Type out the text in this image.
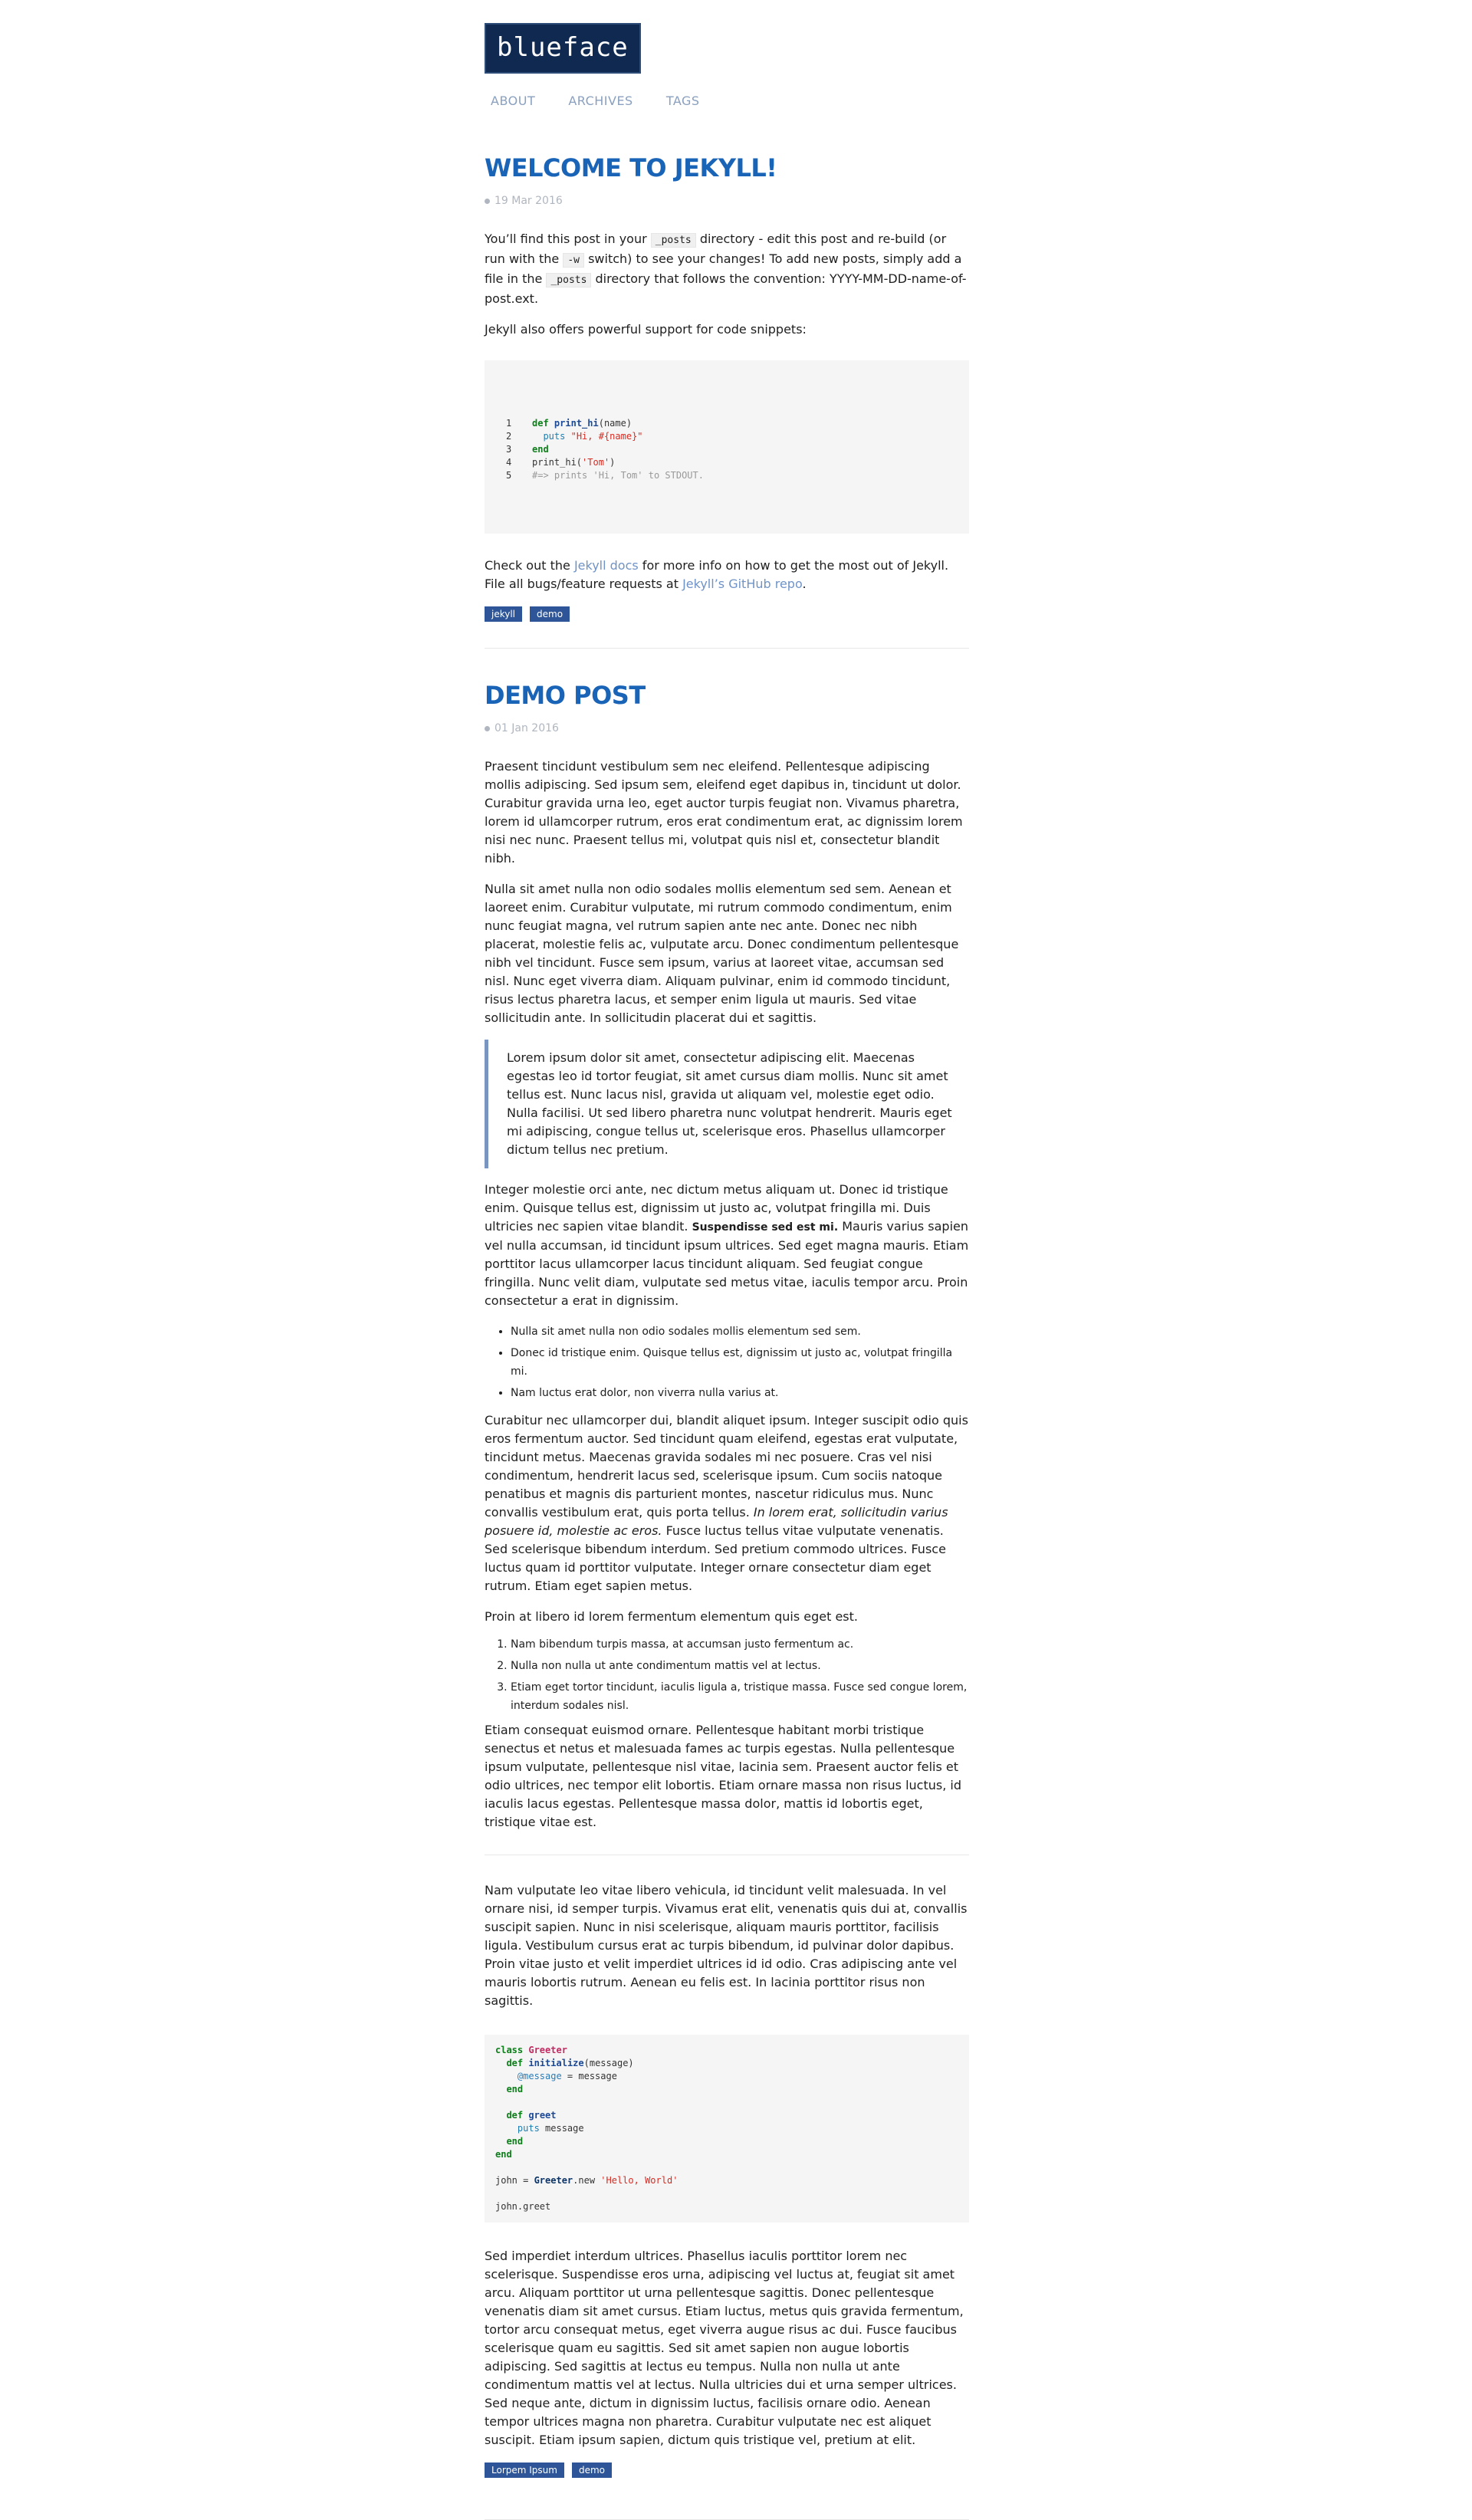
blueface
ABOUT	ARCHIVES	TAGS
WELCOME TO JEKYLL!
19 Mar 2016

You’ll find this post in your _posts directory - edit this post and re-build (or run with the -w switch) to see your changes! To add new posts, simply add a file in the _posts directory that follows the convention: YYYY-MM-DD-name-of-post.ext.

Jekyll also offers powerful support for code snippets:

1 def print_hi(name)
2	puts "Hi, #{name}"
3 end
4 print_hi('Tom')
5 #=> prints 'Hi, Tom' to STDOUT.

Check out the Jekyll docs for more info on how to get the most out of Jekyll. File all bugs/feature requests at Jekyll’s GitHub repo.

jekyll demo
DEMO POST
01 Jan 2016

Praesent tincidunt vestibulum sem nec eleifend. Pellentesque adipiscing mollis adipiscing. Sed ipsum sem, eleifend eget dapibus in, tincidunt ut dolor. Curabitur gravida urna leo, eget auctor turpis feugiat non. Vivamus pharetra, lorem id ullamcorper rutrum, eros erat condimentum erat, ac dignissim lorem nisi nec nunc. Praesent tellus mi, volutpat quis nisl et, consectetur blandit nibh.

Nulla sit amet nulla non odio sodales mollis elementum sed sem. Aenean et laoreet enim. Curabitur vulputate, mi rutrum commodo condimentum, enim nunc feugiat magna, vel rutrum sapien ante nec ante. Donec nec nibh placerat, molestie felis ac, vulputate arcu. Donec condimentum pellentesque nibh vel tincidunt. Fusce sem ipsum, varius at laoreet vitae, accumsan sed nisl. Nunc eget viverra diam. Aliquam pulvinar, enim id commodo tincidunt, risus lectus pharetra lacus, et semper enim ligula ut mauris. Sed vitae sollicitudin ante. In sollicitudin placerat dui et sagittis.

Lorem ipsum dolor sit amet, consectetur adipiscing elit. Maecenas egestas leo id tortor feugiat, sit amet cursus diam mollis. Nunc sit amet tellus est. Nunc lacus nisl, gravida ut aliquam vel, molestie eget odio. Nulla facilisi. Ut sed libero pharetra nunc volutpat hendrerit. Mauris eget mi adipiscing, congue tellus ut, scelerisque eros. Phasellus ullamcorper dictum tellus nec pretium.

Integer molestie orci ante, nec dictum metus aliquam ut. Donec id tristique enim. Quisque tellus est, dignissim ut justo ac, volutpat fringilla mi. Duis ultricies nec sapien vitae blandit. Suspendisse sed est mi. Mauris varius sapien vel nulla accumsan, id tincidunt ipsum ultrices. Sed eget magna mauris. Etiam porttitor lacus ullamcorper lacus tincidunt aliquam. Sed feugiat congue fringilla. Nunc velit diam, vulputate sed metus vitae, iaculis tempor arcu. Proin consectetur a erat in dignissim.

• Nulla sit amet nulla non odio sodales mollis elementum sed sem.
• Donec id tristique enim. Quisque tellus est, dignissim ut justo ac, volutpat fringilla mi.
• Nam luctus erat dolor, non viverra nulla varius at.

Curabitur nec ullamcorper dui, blandit aliquet ipsum. Integer suscipit odio quis eros fermentum auctor. Sed tincidunt quam eleifend, egestas erat vulputate, tincidunt metus. Maecenas gravida sodales mi nec posuere. Cras vel nisi condimentum, hendrerit lacus sed, scelerisque ipsum. Cum sociis natoque penatibus et magnis dis parturient montes, nascetur ridiculus mus. Nunc convallis vestibulum erat, quis porta tellus. In lorem erat, sollicitudin varius posuere id, molestie ac eros. Fusce luctus tellus vitae vulputate venenatis. Sed scelerisque bibendum interdum. Sed pretium commodo ultrices. Fusce luctus quam id porttitor vulputate. Integer ornare consectetur diam eget rutrum. Etiam eget sapien metus.

Proin at libero id lorem fermentum elementum quis eget est.

1. Nam bibendum turpis massa, at accumsan justo fermentum ac.
2. Nulla non nulla ut ante condimentum mattis vel at lectus.
3. Etiam eget tortor tincidunt, iaculis ligula a, tristique massa. Fusce sed congue lorem, interdum sodales nisl.

Etiam consequat euismod ornare. Pellentesque habitant morbi tristique senectus et netus et malesuada fames ac turpis egestas. Nulla pellentesque ipsum vulputate, pellentesque nisl vitae, lacinia sem. Praesent auctor felis et odio ultrices, nec tempor elit lobortis. Etiam ornare massa non risus luctus, id iaculis lacus egestas. Pellentesque massa dolor, mattis id lobortis eget, tristique vitae est.

Nam vulputate leo vitae libero vehicula, id tincidunt velit malesuada. In vel ornare nisi, id semper turpis. Vivamus erat elit, venenatis quis dui at, convallis suscipit sapien. Nunc in nisi scelerisque, aliquam mauris porttitor, facilisis ligula. Vestibulum cursus erat ac turpis bibendum, id pulvinar dolor dapibus. Proin vitae justo et velit imperdiet ultrices id id odio. Cras adipiscing ante vel mauris lobortis rutrum. Aenean eu felis est. In lacinia porttitor risus non sagittis.

class Greeter
def initialize(message)
@message = message
end

def greet
puts message
end
end

john = Greeter.new 'Hello, World'

john.greet

Sed imperdiet interdum ultrices. Phasellus iaculis porttitor lorem nec scelerisque. Suspendisse eros urna, adipiscing vel luctus at, feugiat sit amet arcu. Aliquam porttitor ut urna pellentesque sagittis. Donec pellentesque venenatis diam sit amet cursus. Etiam luctus, metus quis gravida fermentum, tortor arcu consequat metus, eget viverra augue risus ac dui. Fusce faucibus scelerisque quam eu sagittis. Sed sit amet sapien non augue lobortis adipiscing. Sed sagittis at lectus eu tempus. Nulla non nulla ut ante condimentum mattis vel at lectus. Nulla ultricies dui et urna semper ultrices. Sed neque ante, dictum in dignissim luctus, facilisis ornare odio. Aenean tempor ultrices magna non pharetra. Curabitur vulputate nec est aliquet suscipit. Etiam ipsum sapien, dictum quis tristique vel, pretium at elit.

Lorpem Ipsum demo
